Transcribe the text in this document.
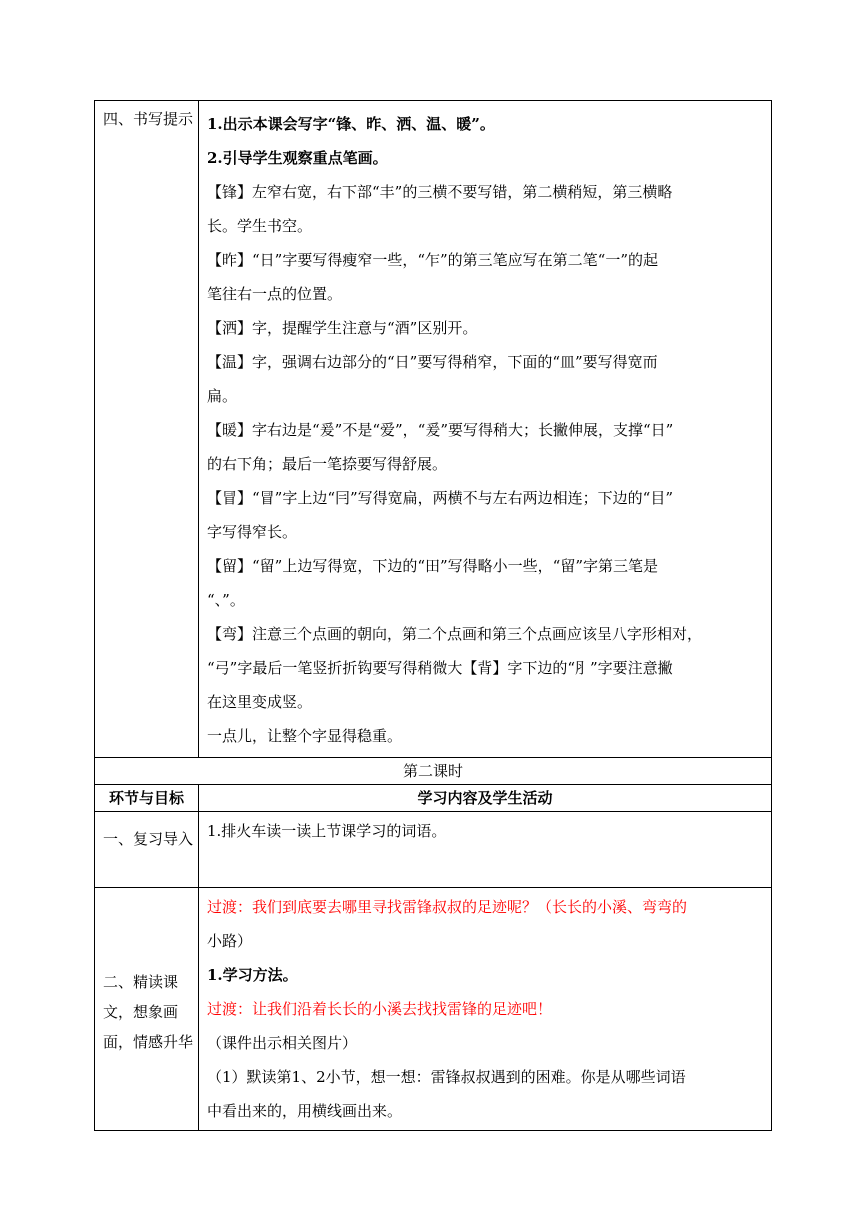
四、书写提示 1.出示本课会写字“锋、昨、洒、温、暖”。
2.引导学生观察重点笔画。
【锋】左窄右宽，右下部“丰”的三横不要写错，第二横稍短，第三横略
长。学生书空。
【昨】“日”字要写得瘦窄一些，“乍”的第三笔应写在第二笔“一”的起
笔往右一点的位置。
【洒】字，提醒学生注意与“酒”区别开。
【温】字，强调右边部分的“日”要写得稍窄，下面的“皿”要写得宽而
扁。
【暖】字右边是“爰”不是“爱”，“爰”要写得稍大；长撇伸展，支撑“日”
的右下角；最后一笔捺要写得舒展。
【冒】“冒”字上边“冃”写得宽扁，两横不与左右两边相连；下边的“目”
字写得窄长。
【留】“留”上边写得宽，下边的“田”写得略小一些，“留”字第三笔是
“、”。
【弯】注意三个点画的朝向，第二个点画和第三个点画应该呈八字形相对，
“弓”字最后一笔竖折折钩要写得稍微大【背】字下边的“⺼”字要注意撇
在这里变成竖。
一点儿，让整个字显得稳重。
第二课时
环节与目标	学习内容及学生活动
一、复习导入 1.排火车读一读上节课学习的词语。
二、精读课文，想象画面，情感升华
过渡：我们到底要去哪里寻找雷锋叔叔的足迹呢？（长长的小溪、弯弯的
小路）
1.学习方法。
过渡：让我们沿着长长的小溪去找找雷锋的足迹吧！
（课件出示相关图片）
（1）默读第1、2小节，想一想：雷锋叔叔遇到的困难。你是从哪些词语
中看出来的，用横线画出来。
